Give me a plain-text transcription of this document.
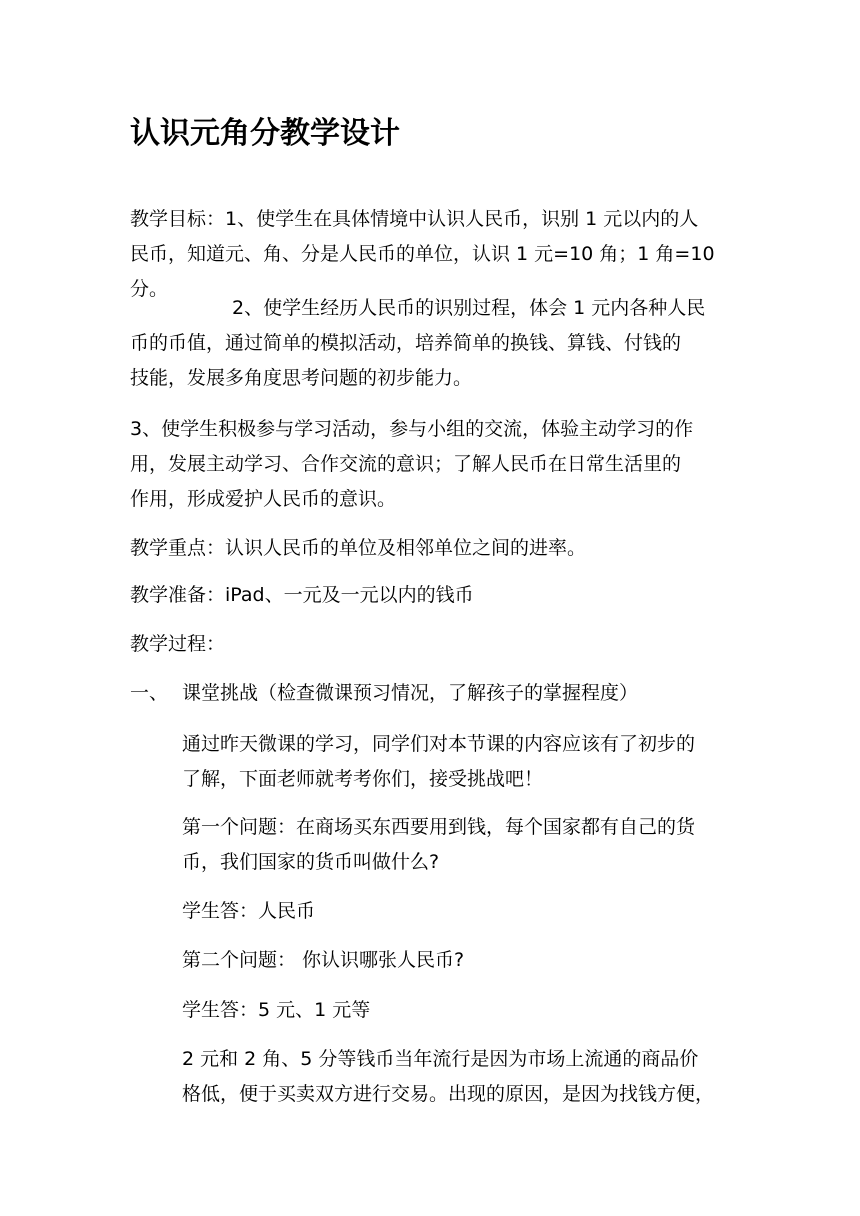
认识元角分教学设计
教学目标：1、使学生在具体情境中认识人民币，识别 1 元以内的人
民币，知道元、角、分是人民币的单位，认识 1 元=10 角；1 角=10
分。
2、使学生经历人民币的识别过程，体会 1 元内各种人民
币的币值，通过简单的模拟活动，培养简单的换钱、算钱、付钱的
技能，发展多角度思考问题的初步能力。
3、使学生积极参与学习活动，参与小组的交流，体验主动学习的作
用，发展主动学习、合作交流的意识；了解人民币在日常生活里的
作用，形成爱护人民币的意识。
教学重点：认识人民币的单位及相邻单位之间的进率。
教学准备：iPad、一元及一元以内的钱币
教学过程：
一、 课堂挑战（检查微课预习情况，了解孩子的掌握程度）
通过昨天微课的学习，同学们对本节课的内容应该有了初步的
了解，下面老师就考考你们，接受挑战吧！
第一个问题：在商场买东西要用到钱，每个国家都有自己的货
币，我们国家的货币叫做什么?
学生答：人民币
第二个问题： 你认识哪张人民币?
学生答：5 元、1 元等
2 元和 2 角、5 分等钱币当年流行是因为市场上流通的商品价
格低，便于买卖双方进行交易。出现的原因，是因为找钱方便，
